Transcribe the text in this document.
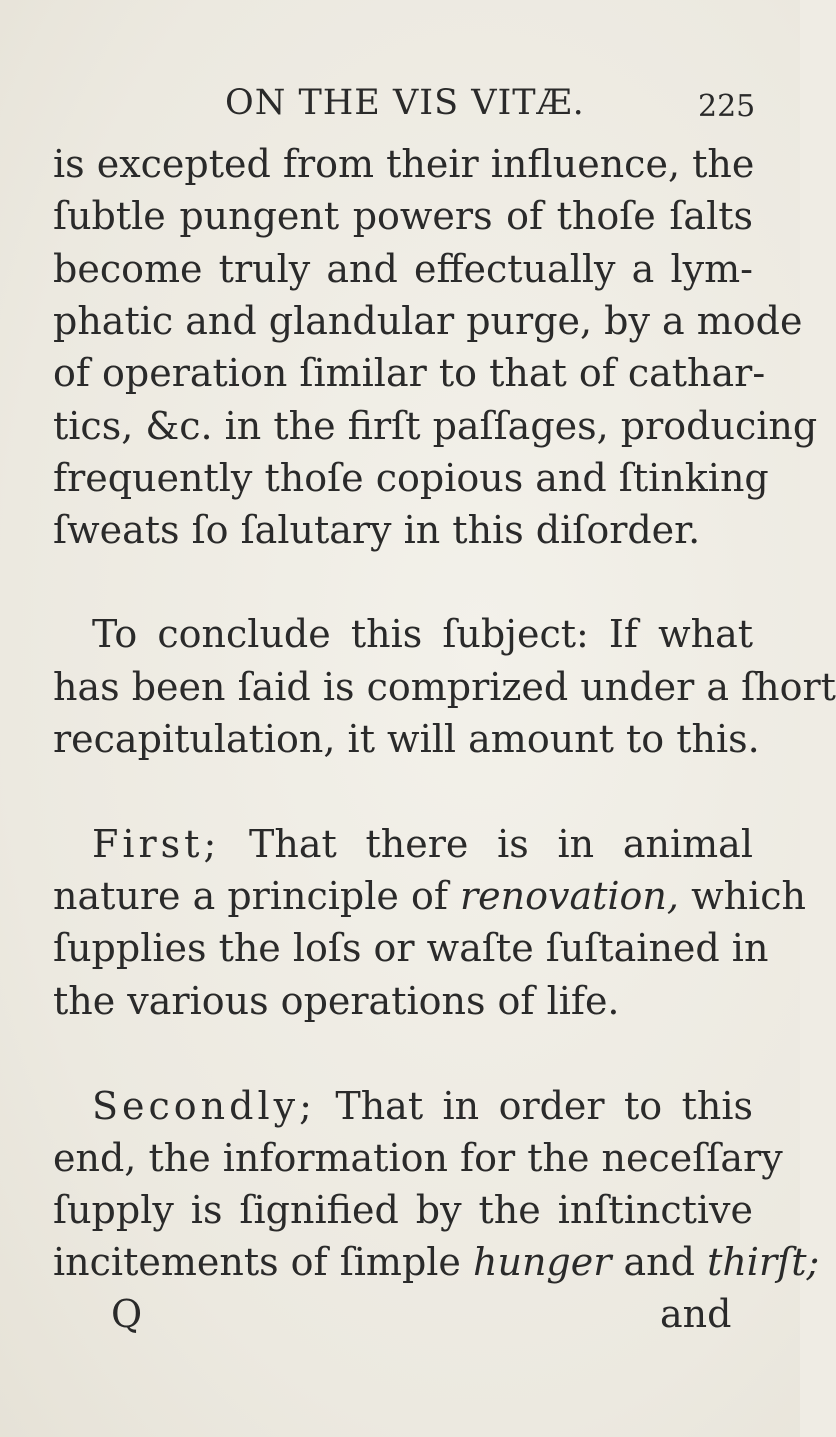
ON THE VIS VITÆ.	225
is excepted from their influence, the
ſubtle pungent powers of thoſe ſalts
become truly and effectually a lym-
phatic and glandular purge, by a mode
of operation ſimilar to that of cathar-
tics, &c. in the firſt paſſages, producing
frequently thoſe copious and ſtinking
ſweats ſo ſalutary in this diſorder.
To conclude this ſubject: If what
has been ſaid is comprized under a ſhort
recapitulation, it will amount to this.
First; That there is in animal
nature a principle of renovation, which
ſupplies the loſs or waſte ſuſtained in
the various operations of life.
Secondly; That in order to this
end, the information for the neceſſary
ſupply is ſignified by the inſtinctive
incitements of ſimple hunger and thirſt;
Q	and
